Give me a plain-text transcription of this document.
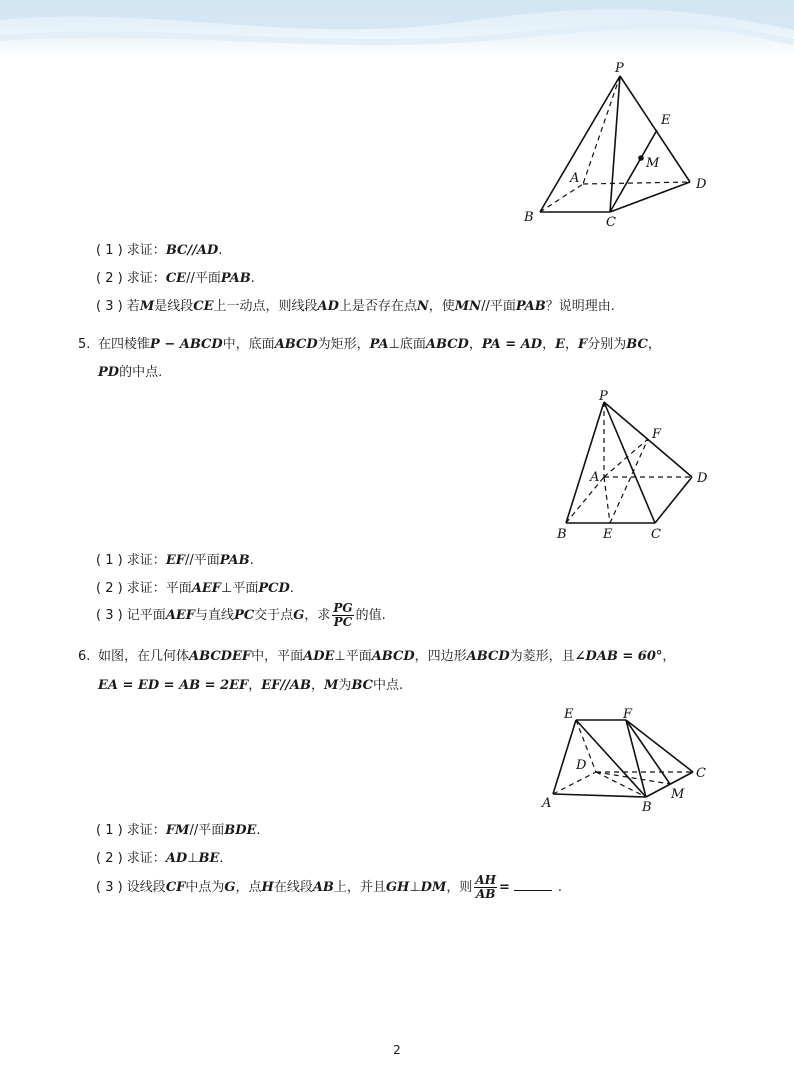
P
E
M
A	D
B	C
( 1 ) 求证：BC//AD.
( 2 ) 求证：CE//平面PAB.
( 3 ) 若M是线段CE上一动点，则线段AD上是否存在点N，使MN//平面PAB？说明理由.
5. 在四棱锥P − ABCD中，底面ABCD为矩形，PA⊥底面ABCD，PA = AD，E，F分别为BC，
PD的中点.
P
F
A	D
B	E	C
( 1 ) 求证：EF//平面PAB.
( 2 ) 求证：平面AEF⊥平面PCD.
( 3 ) 记平面AEF与直线PC交于点G，求 $\frac{PG}{PC}$ 的值.
6. 如图，在几何体ABCDEF中，平面ADE⊥平面ABCD，四边形ABCD为菱形，且∠DAB = 60°，
EA = ED = AB = 2EF，EF//AB，M为BC中点.
E	F
D
C
A	B
M
( 1 ) 求证：FM//平面BDE.
( 2 ) 求证：AD⊥BE.
( 3 ) 设线段CF中点为G，点H在线段AB上，并且GH⊥DM，则 $\frac{AH}{AB}$ =	.
2
